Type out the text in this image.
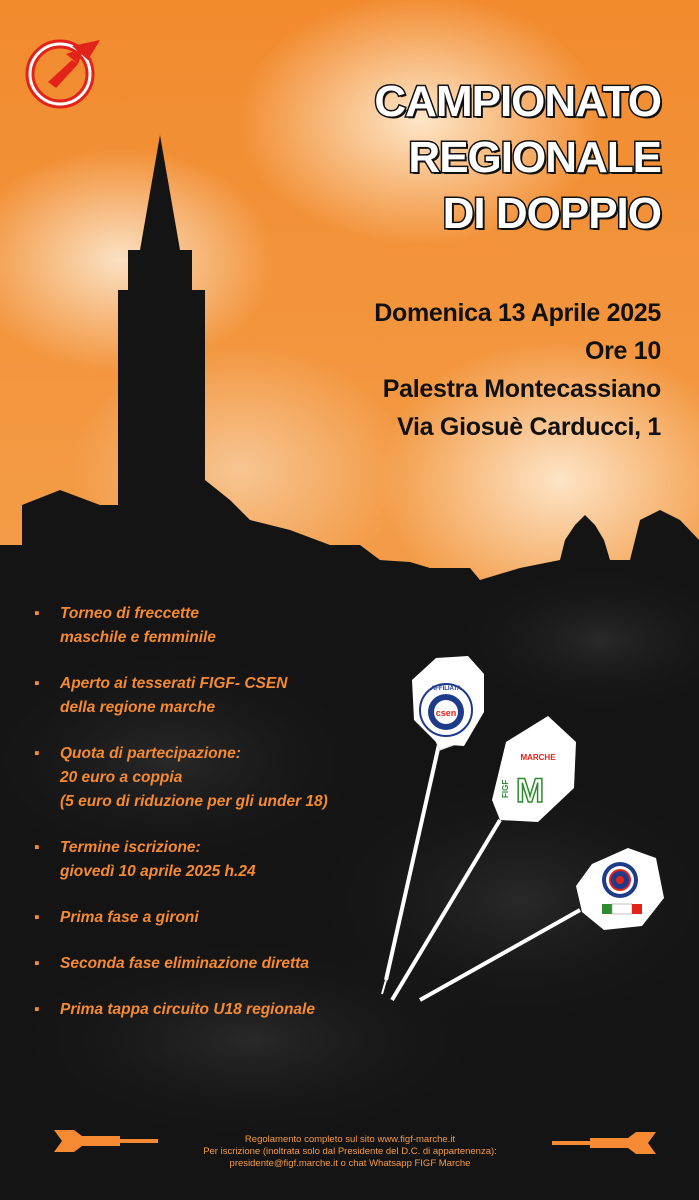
CAMPIONATO
REGIONALE
DI DOPPIO
Domenica 13 Aprile 2025
Ore 10
Palestra Montecassiano
Via Giosuè Carducci, 1
▪ Torneo di freccette
maschile e femminile
▪ Aperto ai tesserati FIGF- CSEN
della regione marche
▪ Quota di partecipazione:
20 euro a coppia
(5 euro di riduzione per gli under 18)
▪ Termine iscrizione:
giovedì 10 aprile 2025 h.24
▪ Prima fase a gironi
▪ Seconda fase eliminazione diretta
▪ Prima tappa circuito U18 regionale
csen
AFFILIATA
MARCHE
M
FIGF
Regolamento completo sul sito www.figf-marche.it
Per iscrizione (inoltrata solo dal Presidente del D.C. di appartenenza):
presidente@figf.marche.it o chat Whatsapp FIGF Marche
